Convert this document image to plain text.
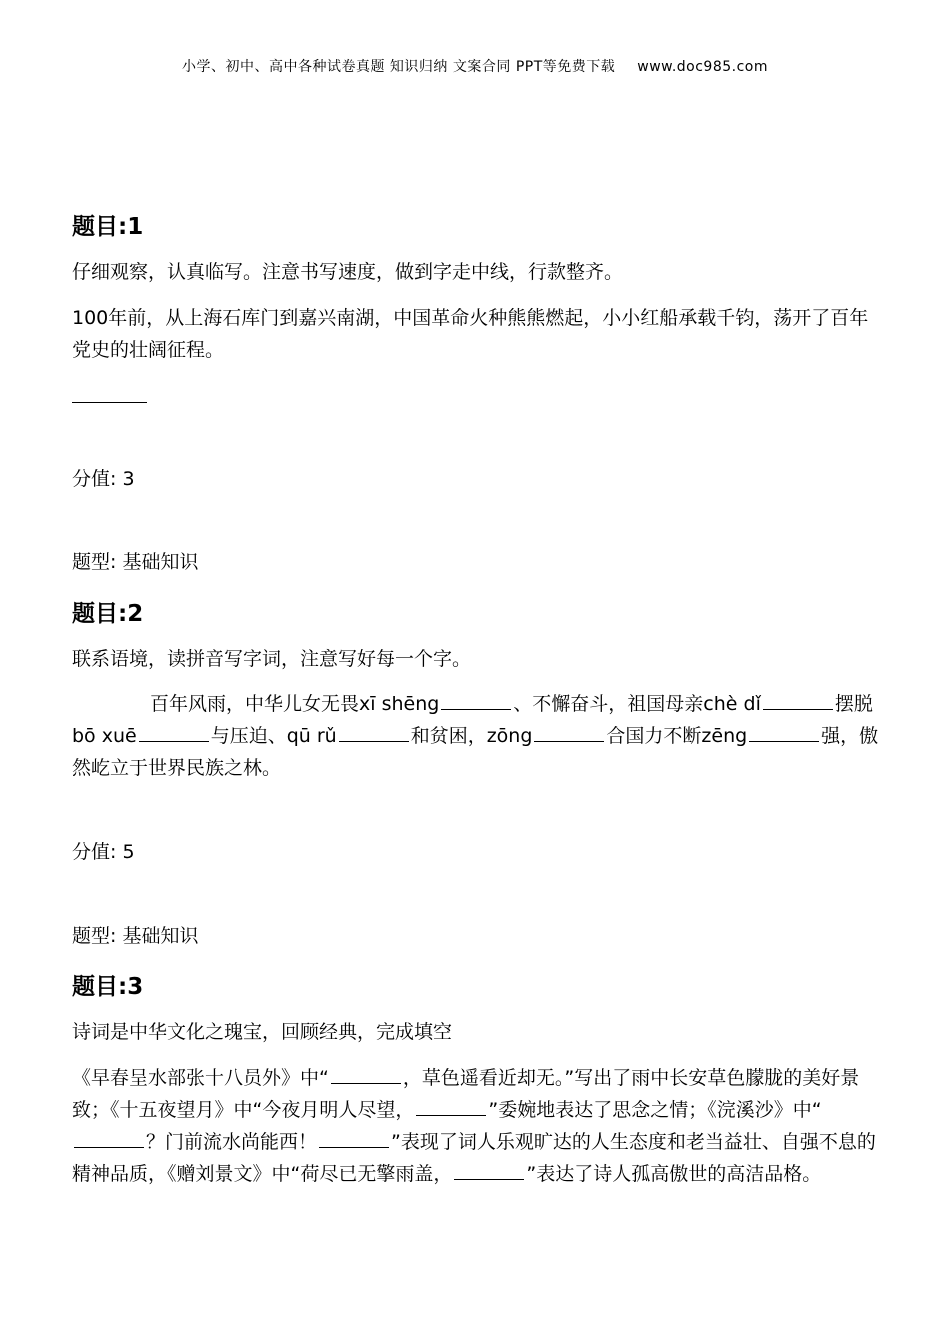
小学、初中、高中各种试卷真题 知识归纳 文案合同 PPT等免费下载 www.doc985.com
题目:1

仔细观察，认真临写。注意书写速度，做到字走中线，行款整齐。

100年前，从上海石库门到嘉兴南湖，中国革命火种熊熊燃起，小小红船承载千钧，荡开了百年党史的壮阔征程。

分值: 3
题型: 基础知识
题目:2

联系语境，读拼音写字词，注意写好每一个字。

百年风雨，中华儿女无畏xī shēng	、不懈奋斗，祖国母亲chè dǐ	摆脱bō xuē	与压迫、qū rǔ	和贫困，zōng	合国力不断zēng	强，傲然屹立于世界民族之林。

分值: 5
题型: 基础知识
题目:3

诗词是中华文化之瑰宝，回顾经典，完成填空

《早春呈水部张十八员外》中“	，草色遥看近却无。”写出了雨中长安草色朦胧的美好景致；《十五夜望月》中“今夜月明人尽望，	”委婉地表达了思念之情；《浣溪沙》中“？门前流水尚能西！	”表现了词人乐观旷达的人生态度和老当益壮、自强不息的精神品质，《赠刘景文》中“荷尽已无擎雨盖，	”表达了诗人孤高傲世的高洁品格。
